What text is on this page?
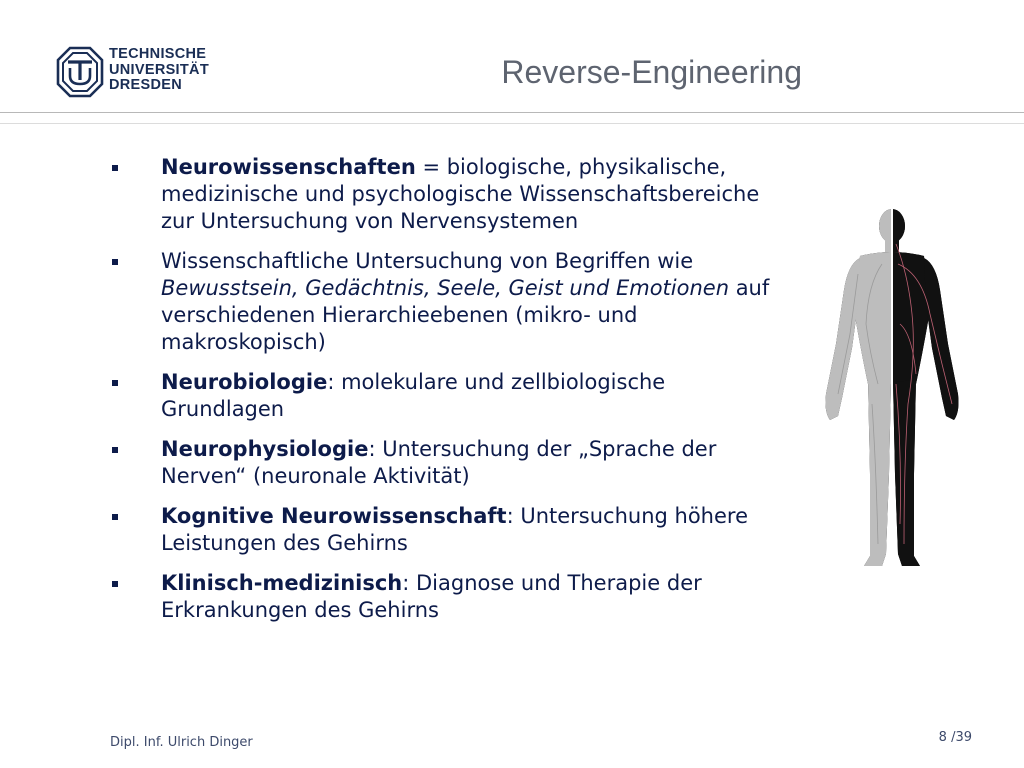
TECHNISCHE
UNIVERSITÄT
DRESDEN	Reverse-Engineering
Neurowissenschaften = biologische, physikalische, medizinische und psychologische Wissenschaftsbereiche zur Untersuchung von Nervensystemen
Wissenschaftliche Untersuchung von Begriffen wie Bewusstsein, Gedächtnis, Seele, Geist und Emotionen auf verschiedenen Hierarchieebenen (mikro- und makroskopisch)
Neurobiologie: molekulare und zellbiologische Grundlagen
Neurophysiologie: Untersuchung der „Sprache der Nerven“ (neuronale Aktivität)
Kognitive Neurowissenschaft: Untersuchung höhere Leistungen des Gehirns
Klinisch-medizinisch: Diagnose und Therapie der Erkrankungen des Gehirns
Dipl. Inf. Ulrich Dinger	8 /39
